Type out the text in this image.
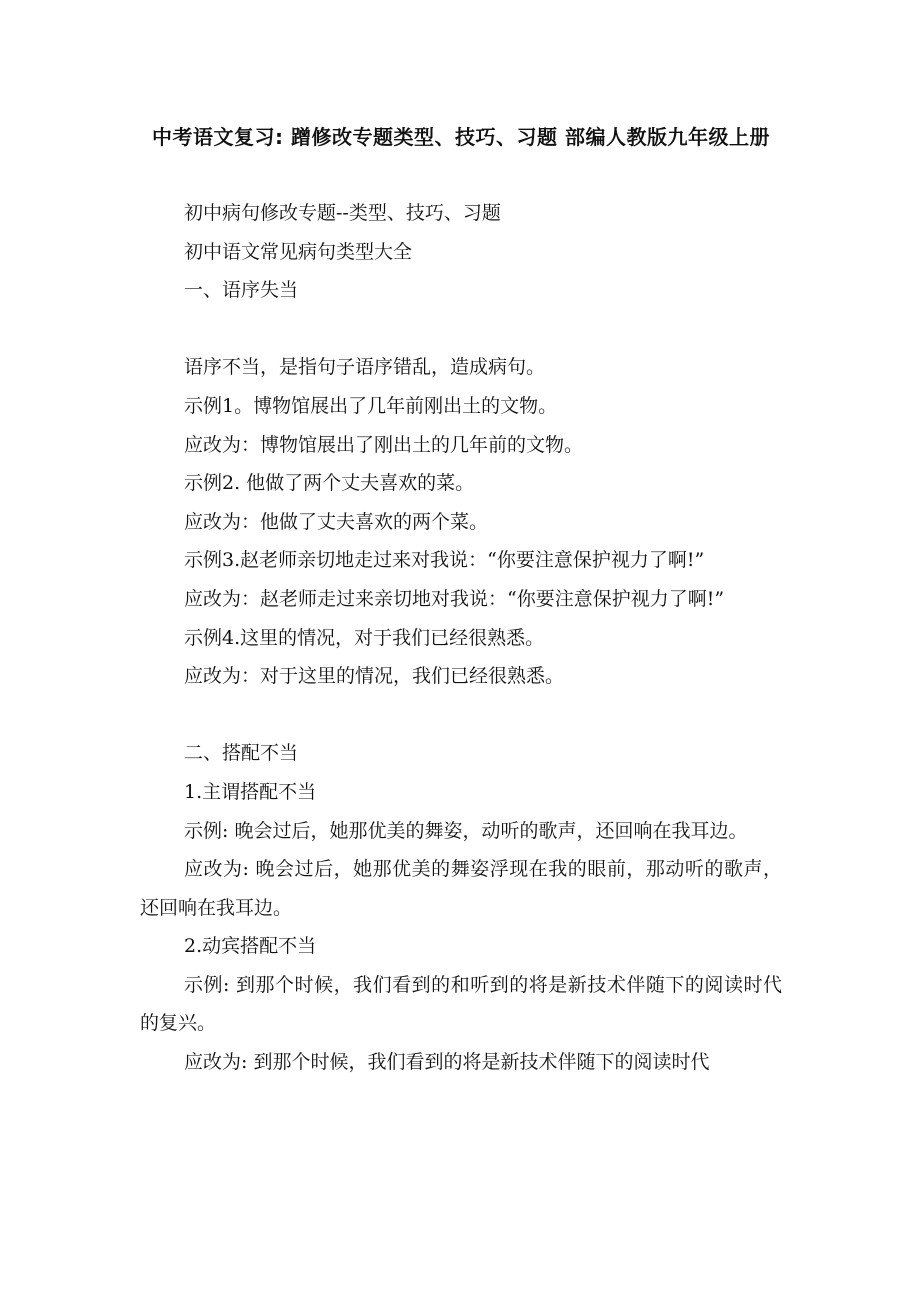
中考语文复习: 蹭修改专题类型、技巧、习题 部编人教版九年级上册

初中病句修改专题--类型、技巧、习题

初中语文常见病句类型大全

一、语序失当

语序不当，是指句子语序错乱，造成病句。

示例1。博物馆展出了几年前刚出土的文物。

应改为：博物馆展出了刚出土的几年前的文物。

示例2. 他做了两个丈夫喜欢的菜。

应改为：他做了丈夫喜欢的两个菜。

示例3.赵老师亲切地走过来对我说：“你要注意保护视力了啊!”

应改为：赵老师走过来亲切地对我说：“你要注意保护视力了啊!”

示例4.这里的情况，对于我们已经很熟悉。

应改为：对于这里的情况，我们已经很熟悉。

二、搭配不当

1.主谓搭配不当

示例: 晚会过后，她那优美的舞姿，动听的歌声，还回响在我耳边。

应改为: 晚会过后，她那优美的舞姿浮现在我的眼前，那动听的歌声，还回响在我耳边。

2.动宾搭配不当

示例: 到那个时候，我们看到的和听到的将是新技术伴随下的阅读时代的复兴。

应改为: 到那个时候，我们看到的将是新技术伴随下的阅读时代
